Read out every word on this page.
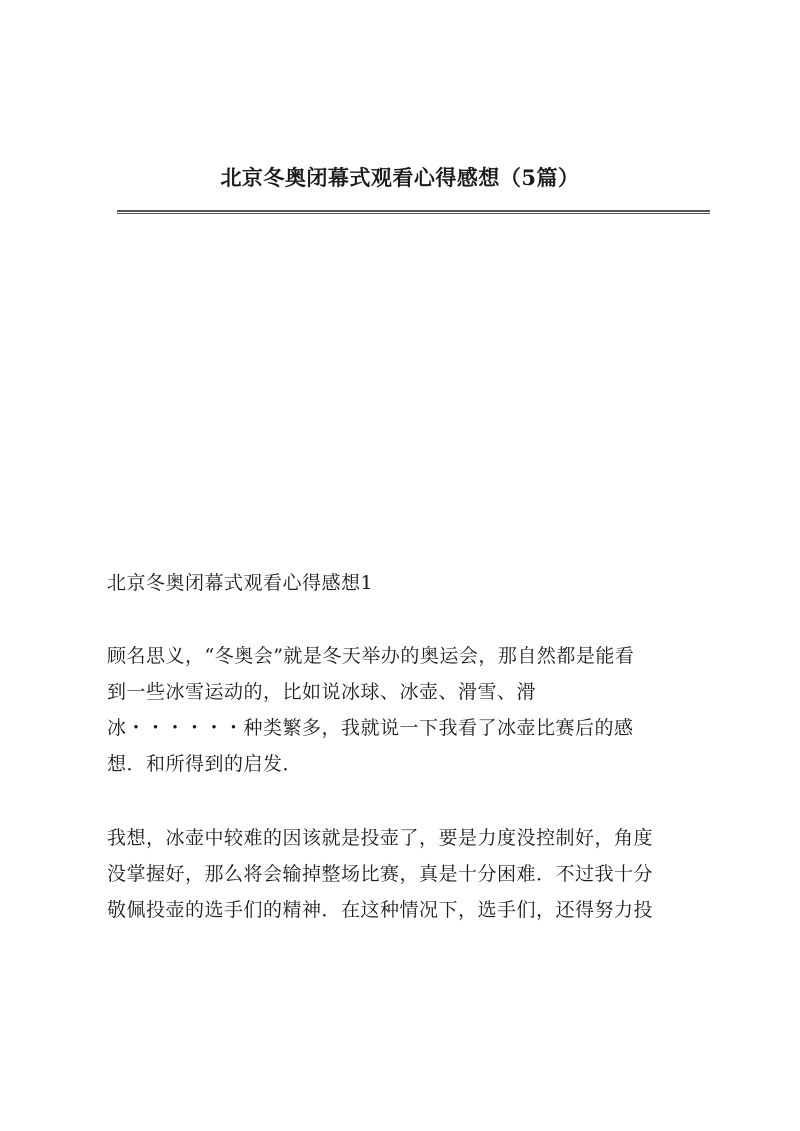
北京冬奥闭幕式观看心得感想（5篇）
北京冬奥闭幕式观看心得感想1

顾名思义，“冬奥会”就是冬天举办的奥运会，那自然都是能看
到一些冰雪运动的，比如说冰球、冰壶、滑雪、滑
冰・・・・・・种类繁多，我就说一下我看了冰壶比赛后的感
想．和所得到的启发．

我想，冰壶中较难的因该就是投壶了，要是力度没控制好，角度
没掌握好，那么将会输掉整场比赛，真是十分困难．不过我十分
敬佩投壶的选手们的精神．在这种情况下，选手们，还得努力投
